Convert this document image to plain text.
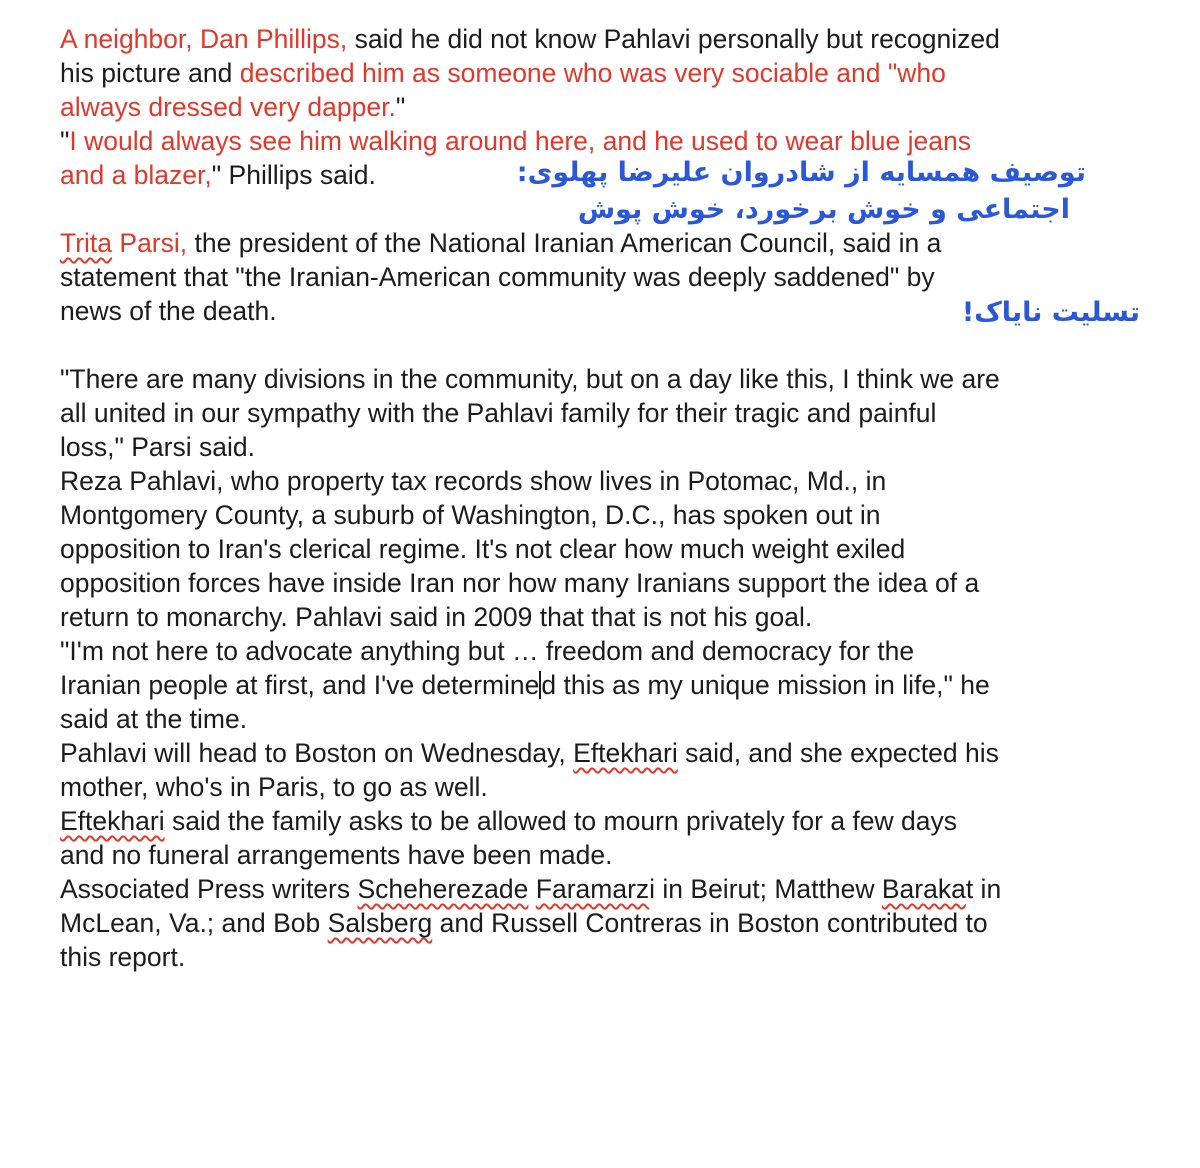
A neighbor, Dan Phillips, said he did not know Pahlavi personally but recognized
his picture and described him as someone who was very sociable and "who
always dressed very dapper."
"I would always see him walking around here, and he used to wear blue jeans
and a blazer," Phillips said.
Trita Parsi, the president of the National Iranian American Council, said in a
statement that "the Iranian-American community was deeply saddened" by
news of the death.
"There are many divisions in the community, but on a day like this, I think we are
all united in our sympathy with the Pahlavi family for their tragic and painful
loss," Parsi said.
Reza Pahlavi, who property tax records show lives in Potomac, Md., in
Montgomery County, a suburb of Washington, D.C., has spoken out in
opposition to Iran's clerical regime. It's not clear how much weight exiled
opposition forces have inside Iran nor how many Iranians support the idea of a
return to monarchy. Pahlavi said in 2009 that that is not his goal.
"I'm not here to advocate anything but … freedom and democracy for the
Iranian people at first, and I've determined this as my unique mission in life," he
said at the time.
Pahlavi will head to Boston on Wednesday, Eftekhari said, and she expected his
mother, who's in Paris, to go as well.
Eftekhari said the family asks to be allowed to mourn privately for a few days
and no funeral arrangements have been made.
Associated Press writers Scheherezade Faramarzi in Beirut; Matthew Barakat in
McLean, Va.; and Bob Salsberg and Russell Contreras in Boston contributed to
this report.
توصیف همسایه از شادروان علیرضا پهلوی:
اجتماعی و خوش برخورد، خوش پوش
تسلیت نایاک!
